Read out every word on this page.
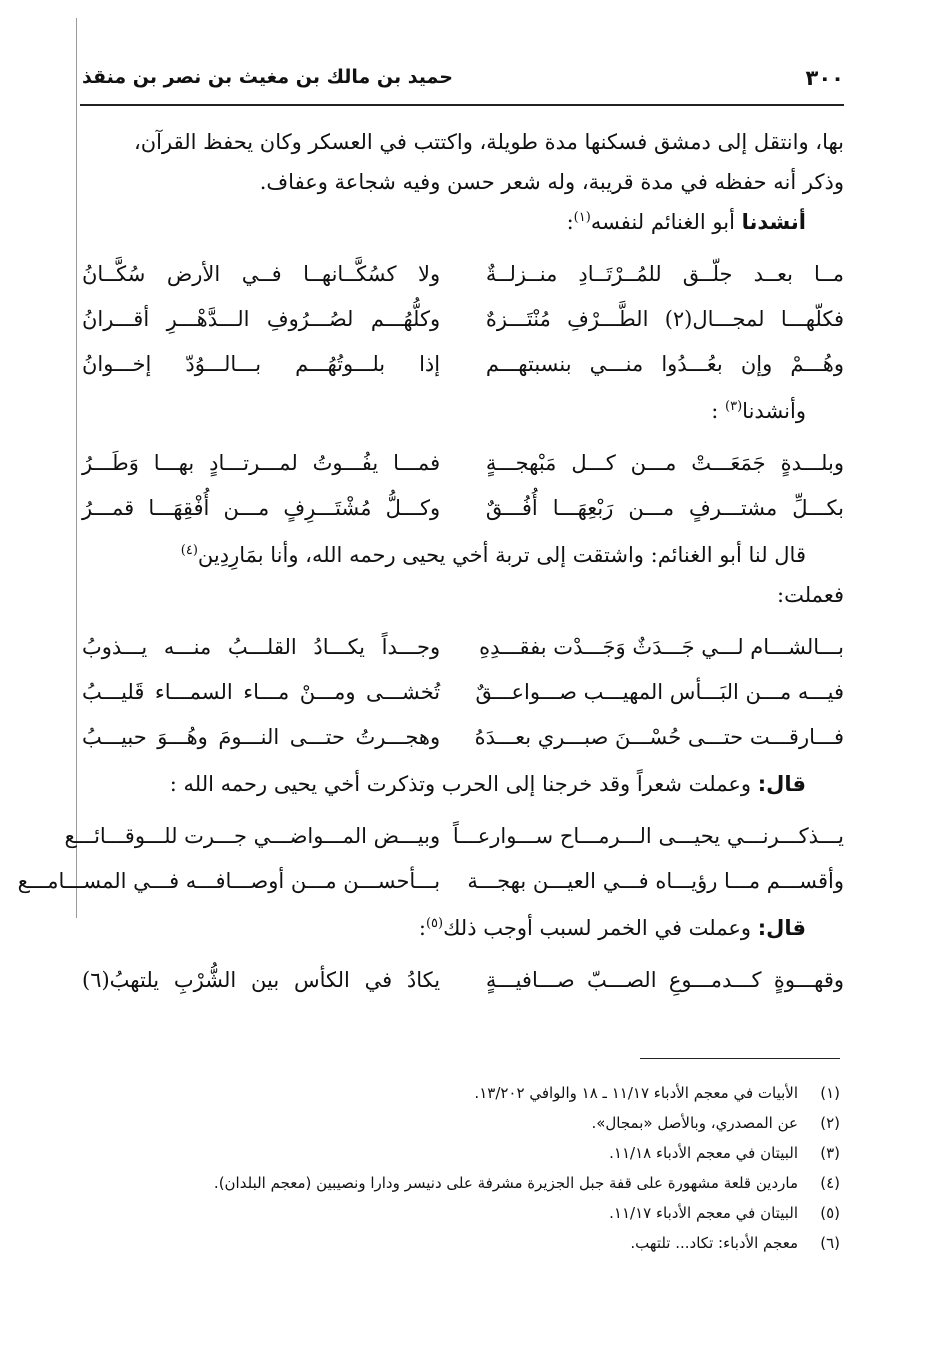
٣٠٠
حميد بن مالك بن مغيث بن نصر بن منقذ

بها، وانتقل إلى دمشق فسكنها مدة طويلة، واكتتب في العسكر وكان يحفظ القرآن،

وذكر أنه حفظه في مدة قريبة، وله شعر حسن وفيه شجاعة وعفاف.

أنشدنا أبو الغنائم لنفسه$^{(١)}$:

مــا بعــد جلّــق للمُــرْتَــادِ منــزلــةٌ
ولا كسُكَّــانهــا فــي الأرض سُكَّــانُ
فكلّهـــا لمجـــال(٢) الطَّـــرْفِ مُنْتَـــزهٌ
وكلُّهُـــم لصُـــرُوفِ الـــدَّهْـــرِ أقـــرانُ
وهُـــمْ وإن بعُـــدُوا منـــي بنسبتهـــم
إذا بلـــوتُهُـــم بـــالـــوُدّ إخـــوانُ

وأنشدنا$^{(٣)}$ :

وبلـــدةٍ جَمَعَـــتْ مـــن كـــل مَبْهجـــةٍ
فمـــا يفُـــوتُ لمـــرتـــادٍ بهـــا وَطَـــرُ
بكـــلِّ مشتـــرفٍ مـــن رَبْعِهَـــا أُفُـــقٌ
وكـــلُّ مُشْتَـــرِفٍ مـــن أُفْقِهَـــا قمـــرُ

قال لنا أبو الغنائم: واشتقت إلى تربة أخي يحيى رحمه الله، وأنا بمَارِدِين$^{(٤)}$

فعملت:

بـــالشـــام لـــي جَـــدَثٌ وَجَـــدْت بفقـــدِهِ
وجـــداً يكـــادُ القلـــبُ منـــه يـــذوبُ
فيـــه مـــن البَـــأس المهيـــب صـــواعـــقٌ
تُخشـــى ومـــنْ مـــاء السمـــاء قَليـــبُ
فـــارقـــت حتـــى حُسْـــنَ صبـــري بعـــدَهُ
وهجـــرتُ حتـــى النـــومَ وهُـــوَ حبيـــبُ

قال: وعملت شعراً وقد خرجنا إلى الحرب وتذكرت أخي يحيى رحمه الله :

يـــذكـــرنـــي يحيـــى الـــرمـــاح ســـوارعـــاً
وبيـــض المـــواضـــي جـــرت للـــوقـــائـــع
وأقســـم مـــا رؤيـــاه فـــي العيـــن بهجـــة
بـــأحســـن مـــن أوصـــافـــه فـــي المســـامـــع

قال: وعملت في الخمر لسبب أوجب ذلك$^{(٥)}$:

وقهـــوةٍ كـــدمـــوعِ الصـــبّ صـــافيـــةٍ
يكادُ في الكأس بين الشُّرْبِ يلتهبُ(٦)
(١)
الأبيات في معجم الأدباء ١١/١٧ ـ ١٨ والوافي ١٣/٢٠٢.
(٢)
عن المصدري، وبالأصل «بمجال».
(٣)
البيتان في معجم الأدباء ١١/١٨.
(٤)
ماردين قلعة مشهورة على قفة جبل الجزيرة مشرفة على دنيسر ودارا ونصيبين (معجم البلدان).
(٥)
البيتان في معجم الأدباء ١١/١٧.
(٦)
معجم الأدباء: تكاد... تلتهب.
